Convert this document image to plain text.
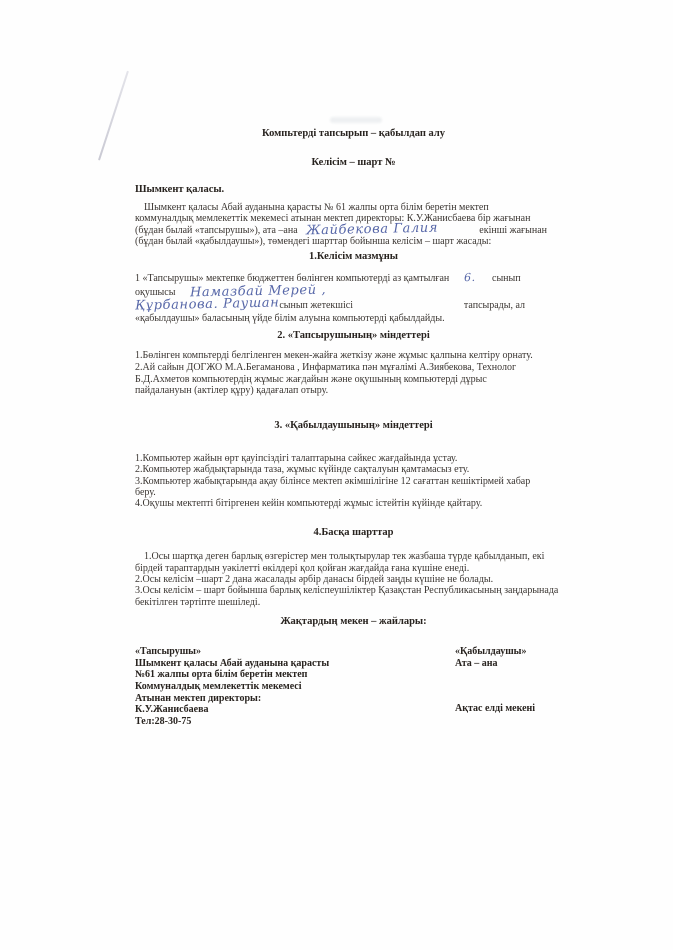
Компьтерді тапсырып – қабылдап алу
Келісім – шарт №
Шымкент қаласы.
Шымкент қаласы Абай ауданына қарасты № 61 жалпы орта білім беретін мектеп
коммуналдық мемлекеттік мекемесі атынан мектеп директоры: К.У.Жанисбаева бір жағынан
(бұдан былай «тапсырушы»), ата –ана Жайбекова Галия	екінші жағынан
(бұдан былай «қабылдаушы»), төмендегі шарттар бойынша келісім – шарт жасады:
1.Келісім мазмұны
1 «Тапсырушы» мектепке бюджеттен бөлінген компьютерді аз қамтылған 6. сынып
оқушысы Намазбай Мерей ,
Құрбанова. Раушан сынып жетекшісі	тапсырады, ал
«қабылдаушы» баласының үйде білім алуына компьютерді қабылдайды.
2. «Тапсырушының» міндеттері
1.Бөлінген компьтерді белгіленген мекен-жайға жеткізу және жұмыс қалпына келтіру орнату.
2.Ай сайын ДОГЖО М.А.Бегаманова , Инфарматика пән мұғалімі А.Зиябекова, Технолог
Б.Д.Ахметов компьютердің жұмыс жағдайын және оқушының компьютерді дұрыс
пайдалануын (актілер құру) қадағалап отыру.
3. «Қабылдаушының» міндеттері
1.Компьютер жайын өрт қауіпсіздігі талаптарына сәйкес жағдайында ұстау.
2.Компьютер жабдықтарында таза, жұмыс күйінде сақталуын қамтамасыз ету.
3.Компьютер жабықтарында ақау білінсе мектеп әкімшілігіне 12 сағаттан кешіктірмей хабар
беру.
4.Оқушы мектепті бітіргенен кейін компьютерді жұмыс істейтін күйінде қайтару.
4.Басқа шарттар
1.Осы шартқа деген барлық өзгерістер мен толықтырулар тек жазбаша түрде қабылданып, екі
бірдей тараптардын уәкілетті өкілдері қол қойған жағдайда ғана күшіне енеді.
2.Осы келісім –шарт 2 дана жасалады әрбір данасы бірдей заңды күшіне не болады.
3.Осы келісім – шарт бойынша барлық келіспеушіліктер Қазақстан Республикасының заңдарынада
бекітілген тәртіпте шешіледі.
Жақтардың мекен – жайлары:
«Тапсырушы»
Шымкент қаласы Абай ауданына қарасты
№61 жалпы орта білім беретін мектеп
Коммуналдық мемлекеттік мекемесі
Атынан мектеп директоры:
К.У.Жанисбаева
Тел:28-30-75
«Қабылдаушы»
Ата – ана
Ақтас елді мекені
